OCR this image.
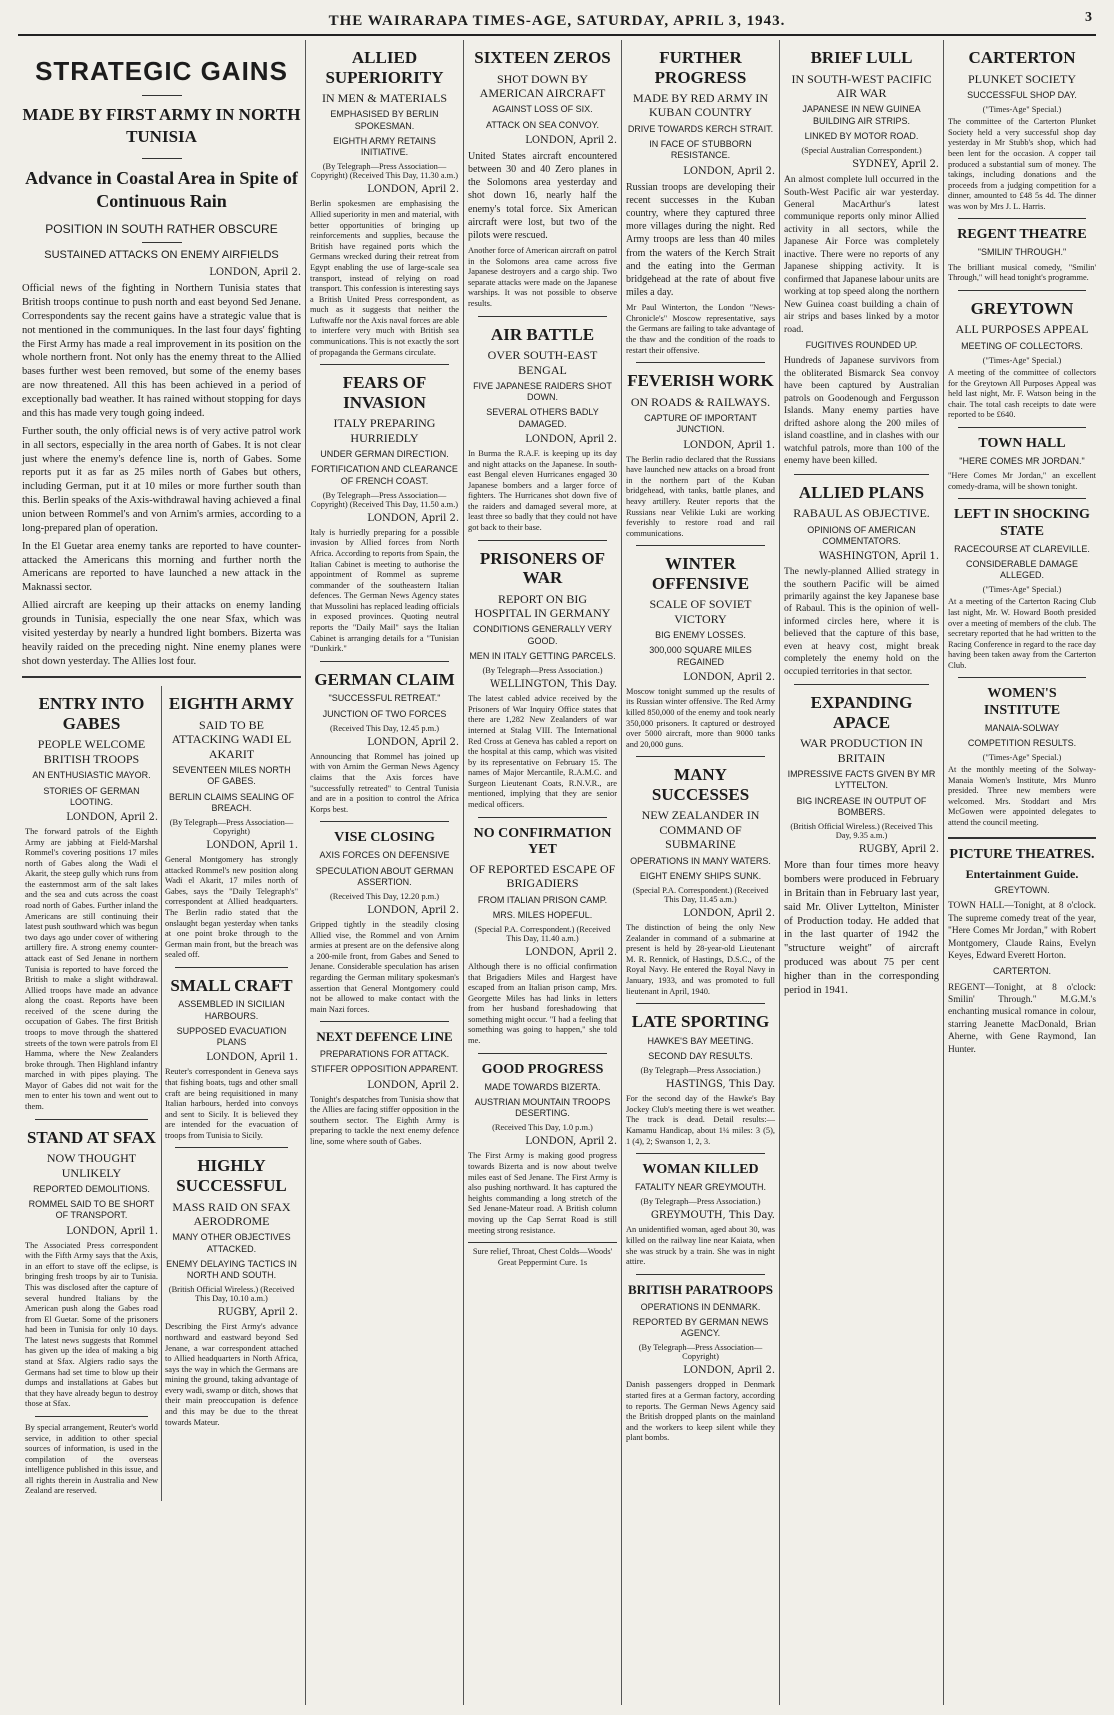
THE WAIRARAPA TIMES-AGE, SATURDAY, APRIL 3, 1943.	3
STRATEGIC GAINS
MADE BY FIRST ARMY IN NORTH TUNISIA
Advance in Coastal Area in Spite of Continuous Rain
POSITION IN SOUTH RATHER OBSCURE
SUSTAINED ATTACKS ON ENEMY AIRFIELDS
LONDON, April 2.

Official news of the fighting in Northern Tunisia states that British troops continue to push north and east beyond Sed Jenane. Correspondents say the recent gains have a strategic value that is not mentioned in the communiques. In the last four days' fighting the First Army has made a real improvement in its position on the whole northern front. Not only has the enemy threat to the Allied bases further west been removed, but some of the enemy bases are now threatened. All this has been achieved in a period of exceptionally bad weather. It has rained without stopping for days and this has made very tough going indeed.

Further south, the only official news is of very active patrol work in all sectors, especially in the area north of Gabes. It is not clear just where the enemy's defence line is, north of Gabes. Some reports put it as far as 25 miles north of Gabes but others, including German, put it at 10 miles or more further south than this. Berlin speaks of the Axis-withdrawal having achieved a final union between Rommel's and von Arnim's armies, according to a long-prepared plan of operation.

In the El Guetar area enemy tanks are reported to have counter-attacked the Americans this morning and further north the Americans are reported to have launched a new attack in the Maknassi sector.

Allied aircraft are keeping up their attacks on enemy landing grounds in Tunisia, especially the one near Sfax, which was visited yesterday by nearly a hundred light bombers. Bizerta was heavily raided on the preceding night. Nine enemy planes were shot down yesterday. The Allies lost four.

ENTRY INTO GABES
PEOPLE WELCOME BRITISH TROOPS
AN ENTHUSIASTIC MAYOR.
STORIES OF GERMAN LOOTING.
LONDON, April 2.

The forward patrols of the Eighth Army are jabbing at Field-Marshal Rommel's covering positions 17 miles north of Gabes along the Wadi el Akarit, the steep gully which runs from the easternmost arm of the salt lakes and the sea and cuts across the coast road north of Gabes. Further inland the Americans are still continuing their latest push southward which was begun two days ago under cover of withering artillery fire. A strong enemy counter-attack east of Sed Jenane in northern Tunisia is reported to have forced the British to make a slight withdrawal. Allied troops have made an advance along the coast. Reports have been received of the scene during the occupation of Gabes. The first British troops to move through the shattered streets of the town were patrols from El Hamma, where the New Zealanders broke through. Then Highland infantry marched in with pipes playing. The Mayor of Gabes did not wait for the men to enter his town and went out to them.

STAND AT SFAX
NOW THOUGHT UNLIKELY
REPORTED DEMOLITIONS.
ROMMEL SAID TO BE SHORT OF TRANSPORT.
LONDON, April 1.

The Associated Press correspondent with the Fifth Army says that the Axis, in an effort to stave off the eclipse, is bringing fresh troops by air to Tunisia. This was disclosed after the capture of several hundred Italians by the American push along the Gabes road from El Guetar. Some of the prisoners had been in Tunisia for only 10 days. The latest news suggests that Rommel has given up the idea of making a big stand at Sfax. Algiers radio says the Germans had set time to blow up their dumps and installations at Gabes but that they have already begun to destroy those at Sfax.

By special arrangement, Reuter's world service, in addition to other special sources of information, is used in the compilation of the overseas intelligence published in this issue, and all rights therein in Australia and New Zealand are reserved.

EIGHTH ARMY
SAID TO BE ATTACKING WADI EL AKARIT
SEVENTEEN MILES NORTH OF GABES.
BERLIN CLAIMS SEALING OF BREACH.
(By Telegraph—Press Association—Copyright)
LONDON, April 1.

General Montgomery has strongly attacked Rommel's new position along Wadi el Akarit, 17 miles north of Gabes, says the "Daily Telegraph's" correspondent at Allied headquarters. The Berlin radio stated that the onslaught began yesterday when tanks at one point broke through to the German main front, but the breach was sealed off.

SMALL CRAFT
ASSEMBLED IN SICILIAN HARBOURS.
SUPPOSED EVACUATION PLANS
LONDON, April 1.

Reuter's correspondent in Geneva says that fishing boats, tugs and other small craft are being requisitioned in many Italian harbours, herded into convoys and sent to Sicily. It is believed they are intended for the evacuation of troops from Tunisia to Sicily.

HIGHLY SUCCESSFUL
MASS RAID ON SFAX AERODROME
MANY OTHER OBJECTIVES ATTACKED.
ENEMY DELAYING TACTICS IN NORTH AND SOUTH.
(British Official Wireless.) (Received This Day, 10.10 a.m.)
RUGBY, April 2.

Describing the First Army's advance northward and eastward beyond Sed Jenane, a war correspondent attached to Allied headquarters in North Africa, says the way in which the Germans are mining the ground, taking advantage of every wadi, swamp or ditch, shows that their main preoccupation is defence and this may be due to the threat towards Mateur.

ALLIED SUPERIORITY
IN MEN & MATERIALS
EMPHASISED BY BERLIN SPOKESMAN.
EIGHTH ARMY RETAINS INITIATIVE.
(By Telegraph—Press Association—Copyright) (Received This Day, 11.30 a.m.)
LONDON, April 2.

Berlin spokesmen are emphasising the Allied superiority in men and material, with better opportunities of bringing up reinforcements and supplies, because the British have regained ports which the Germans wrecked during their retreat from Egypt enabling the use of large-scale sea transport, instead of relying on road transport. This confession is interesting says a British United Press correspondent, as much as it suggests that neither the Luftwaffe nor the Axis naval forces are able to interfere very much with British sea communications. This is not exactly the sort of propaganda the Germans circulate.

FEARS OF INVASION
ITALY PREPARING HURRIEDLY
UNDER GERMAN DIRECTION.
FORTIFICATION AND CLEARANCE OF FRENCH COAST.
(By Telegraph—Press Association—Copyright) (Received This Day, 11.50 a.m.)
LONDON, April 2.

Italy is hurriedly preparing for a possible invasion by Allied forces from North Africa. According to reports from Spain, the Italian Cabinet is meeting to authorise the appointment of Rommel as supreme commander of the southeastern Italian defences. The German News Agency states that Mussolini has replaced leading officials in exposed provinces. Quoting neutral reports the "Daily Mail" says the Italian Cabinet is arranging details for a "Tunisian "Dunkirk."

GERMAN CLAIM
"SUCCESSFUL RETREAT."
JUNCTION OF TWO FORCES
(Received This Day, 12.45 p.m.)
LONDON, April 2.

Announcing that Rommel has joined up with von Arnim the German News Agency claims that the Axis forces have "successfully retreated" to Central Tunisia and are in a position to control the Africa Korps best.

VISE CLOSING
AXIS FORCES ON DEFENSIVE
SPECULATION ABOUT GERMAN ASSERTION.
(Received This Day, 12.20 p.m.)
LONDON, April 2.

Gripped tightly in the steadily closing Allied vise, the Rommel and von Arnim armies at present are on the defensive along a 200-mile front, from Gabes and Sened to Jenane. Considerable speculation has arisen regarding the German military spokesman's assertion that General Montgomery could not be allowed to make contact with the main Nazi forces.

NEXT DEFENCE LINE
PREPARATIONS FOR ATTACK.
STIFFER OPPOSITION APPARENT.
LONDON, April 2.

Tonight's despatches from Tunisia show that the Allies are facing stiffer opposition in the southern sector. The Eighth Army is preparing to tackle the next enemy defence line, some where south of Gabes.

SIXTEEN ZEROS
SHOT DOWN BY AMERICAN AIRCRAFT
AGAINST LOSS OF SIX.
ATTACK ON SEA CONVOY.
LONDON, April 2.

United States aircraft encountered between 30 and 40 Zero planes in the Solomons area yesterday and shot down 16, nearly half the enemy's total force. Six American aircraft were lost, but two of the pilots were rescued.

Another force of American aircraft on patrol in the Solomons area came across five Japanese destroyers and a cargo ship. Two separate attacks were made on the Japanese warships. It was not possible to observe results.

AIR BATTLE
OVER SOUTH-EAST BENGAL
FIVE JAPANESE RAIDERS SHOT DOWN.
SEVERAL OTHERS BADLY DAMAGED.
LONDON, April 2.

In Burma the R.A.F. is keeping up its day and night attacks on the Japanese. In south-east Bengal eleven Hurricanes engaged 30 Japanese bombers and a larger force of fighters. The Hurricanes shot down five of the raiders and damaged several more, at least three so badly that they could not have got back to their base.

PRISONERS OF WAR
REPORT ON BIG HOSPITAL IN GERMANY
CONDITIONS GENERALLY VERY GOOD.
MEN IN ITALY GETTING PARCELS.
(By Telegraph—Press Association.)
WELLINGTON, This Day.

The latest cabled advice received by the Prisoners of War Inquiry Office states that there are 1,282 New Zealanders of war interned at Stalag VIII. The International Red Cross at Geneva has cabled a report on the hospital at this camp, which was visited by its representative on February 15. The names of Major Mercantile, R.A.M.C. and Surgeon Lieutenant Coats, R.N.V.R., are mentioned, implying that they are senior medical officers.

NO CONFIRMATION YET
OF REPORTED ESCAPE OF BRIGADIERS
FROM ITALIAN PRISON CAMP.
MRS. MILES HOPEFUL.
(Special P.A. Correspondent.) (Received This Day, 11.40 a.m.)
LONDON, April 2.

Although there is no official confirmation that Brigadiers Miles and Hargest have escaped from an Italian prison camp, Mrs. Georgette Miles has had links in letters from her husband foreshadowing that something might occur. "I had a feeling that something was going to happen," she told me.

GOOD PROGRESS
MADE TOWARDS BIZERTA.
AUSTRIAN MOUNTAIN TROOPS DESERTING.
(Received This Day, 1.0 p.m.)
LONDON, April 2.

The First Army is making good progress towards Bizerta and is now about twelve miles east of Sed Jenane. The First Army is also pushing northward. It has captured the heights commanding a long stretch of the Sed Jenane-Mateur road. A British column moving up the Cap Serrat Road is still meeting strong resistance.

Sure relief, Throat, Chest Colds—Woods' Great Peppermint Cure. 1s

FURTHER PROGRESS
MADE BY RED ARMY IN KUBAN COUNTRY
DRIVE TOWARDS KERCH STRAIT.
IN FACE OF STUBBORN RESISTANCE.
LONDON, April 2.

Russian troops are developing their recent successes in the Kuban country, where they captured three more villages during the night. Red Army troops are less than 40 miles from the waters of the Kerch Strait and the eating into the German bridgehead at the rate of about five miles a day.

Mr Paul Winterton, the London "News-Chronicle's" Moscow representative, says the Germans are failing to take advantage of the thaw and the condition of the roads to restart their offensive.

FEVERISH WORK
ON ROADS & RAILWAYS.
CAPTURE OF IMPORTANT JUNCTION.
LONDON, April 1.

The Berlin radio declared that the Russians have launched new attacks on a broad front in the northern part of the Kuban bridgehead, with tanks, battle planes, and heavy artillery. Reuter reports that the Russians near Velikie Luki are working feverishly to restore road and rail communications.

WINTER OFFENSIVE
SCALE OF SOVIET VICTORY
BIG ENEMY LOSSES.
300,000 SQUARE MILES REGAINED
LONDON, April 2.

Moscow tonight summed up the results of its Russian winter offensive. The Red Army killed 850,000 of the enemy and took nearly 350,000 prisoners. It captured or destroyed over 5000 aircraft, more than 9000 tanks and 20,000 guns.

MANY SUCCESSES
NEW ZEALANDER IN COMMAND OF SUBMARINE
OPERATIONS IN MANY WATERS.
EIGHT ENEMY SHIPS SUNK.
(Special P.A. Correspondent.) (Received This Day, 11.45 a.m.)
LONDON, April 2.

The distinction of being the only New Zealander in command of a submarine at present is held by 28-year-old Lieutenant M. R. Rennick, of Hastings, D.S.C., of the Royal Navy. He entered the Royal Navy in January, 1933, and was promoted to full lieutenant in April, 1940.

LATE SPORTING
HAWKE'S BAY MEETING.
SECOND DAY RESULTS.
(By Telegraph—Press Association.)
HASTINGS, This Day.

For the second day of the Hawke's Bay Jockey Club's meeting there is wet weather. The track is dead. Detail results:— Kamamu Handicap, about 1¼ miles: 3 (5), 1 (4), 2; Swanson 1, 2, 3.

WOMAN KILLED
FATALITY NEAR GREYMOUTH.
(By Telegraph—Press Association.)
GREYMOUTH, This Day.

An unidentified woman, aged about 30, was killed on the railway line near Kaiata, when she was struck by a train. She was in night attire.

BRITISH PARATROOPS
OPERATIONS IN DENMARK.
REPORTED BY GERMAN NEWS AGENCY.
(By Telegraph—Press Association—Copyright)
LONDON, April 2.

Danish passengers dropped in Denmark started fires at a German factory, according to reports. The German News Agency said the British dropped plants on the mainland and the workers to keep silent while they plant bombs.

BRIEF LULL
IN SOUTH-WEST PACIFIC AIR WAR
JAPANESE IN NEW GUINEA BUILDING AIR STRIPS.
LINKED BY MOTOR ROAD.
(Special Australian Correspondent.)
SYDNEY, April 2.

An almost complete lull occurred in the South-West Pacific air war yesterday. General MacArthur's latest communique reports only minor Allied activity in all sectors, while the Japanese Air Force was completely inactive. There were no reports of any Japanese shipping activity. It is confirmed that Japanese labour units are working at top speed along the northern New Guinea coast building a chain of air strips and bases linked by a motor road.

FUGITIVES ROUNDED UP.

Hundreds of Japanese survivors from the obliterated Bismarck Sea convoy have been captured by Australian patrols on Goodenough and Fergusson Islands. Many enemy parties have drifted ashore along the 200 miles of island coastline, and in clashes with our watchful patrols, more than 100 of the enemy have been killed.

ALLIED PLANS
RABAUL AS OBJECTIVE.
OPINIONS OF AMERICAN COMMENTATORS.
WASHINGTON, April 1.

The newly-planned Allied strategy in the southern Pacific will be aimed primarily against the key Japanese base of Rabaul. This is the opinion of well-informed circles here, where it is believed that the capture of this base, even at heavy cost, might break completely the enemy hold on the occupied territories in that sector.

EXPANDING APACE
WAR PRODUCTION IN BRITAIN
IMPRESSIVE FACTS GIVEN BY MR LYTTELTON.
BIG INCREASE IN OUTPUT OF BOMBERS.
(British Official Wireless.) (Received This Day, 9.35 a.m.)
RUGBY, April 2.

More than four times more heavy bombers were produced in February in Britain than in February last year, said Mr. Oliver Lyttelton, Minister of Production today. He added that in the last quarter of 1942 the "structure weight" of aircraft produced was about 75 per cent higher than in the corresponding period in 1941.

CARTERTON
PLUNKET SOCIETY
SUCCESSFUL SHOP DAY.
("Times-Age" Special.)

The committee of the Carterton Plunket Society held a very successful shop day yesterday in Mr Stubb's shop, which had been lent for the occasion. A copper tail produced a substantial sum of money. The takings, including donations and the proceeds from a judging competition for a dinner, amounted to £48 5s 4d. The dinner was won by Mrs J. L. Harris.

REGENT THEATRE
"SMILIN' THROUGH."

The brilliant musical comedy, "Smilin' Through," will head tonight's programme.

GREYTOWN
ALL PURPOSES APPEAL
MEETING OF COLLECTORS.
("Times-Age" Special.)

A meeting of the committee of collectors for the Greytown All Purposes Appeal was held last night, Mr. F. Watson being in the chair. The total cash receipts to date were reported to be £640.

TOWN HALL
"HERE COMES MR JORDAN."

"Here Comes Mr Jordan," an excellent comedy-drama, will be shown tonight.

LEFT IN SHOCKING STATE
RACECOURSE AT CLAREVILLE.
CONSIDERABLE DAMAGE ALLEGED.
("Times-Age" Special.)

At a meeting of the Carterton Racing Club last night, Mr. W. Howard Booth presided over a meeting of members of the club. The secretary reported that he had written to the Racing Conference in regard to the race day having been taken away from the Carterton Club.

WOMEN'S INSTITUTE
MANAIA-SOLWAY
COMPETITION RESULTS.
("Times-Age" Special.)

At the monthly meeting of the Solway-Manaia Women's Institute, Mrs Munro presided. Three new members were welcomed. Mrs. Stoddart and Mrs McGowen were appointed delegates to attend the council meeting.

PICTURE THEATRES.
Entertainment Guide.
GREYTOWN.

TOWN HALL—Tonight, at 8 o'clock. The supreme comedy treat of the year, "Here Comes Mr Jordan," with Robert Montgomery, Claude Rains, Evelyn Keyes, Edward Everett Horton.

CARTERTON.

REGENT—Tonight, at 8 o'clock: Smilin' Through." M.G.M.'s enchanting musical romance in colour, starring Jeanette MacDonald, Brian Aherne, with Gene Raymond, Ian Hunter.
